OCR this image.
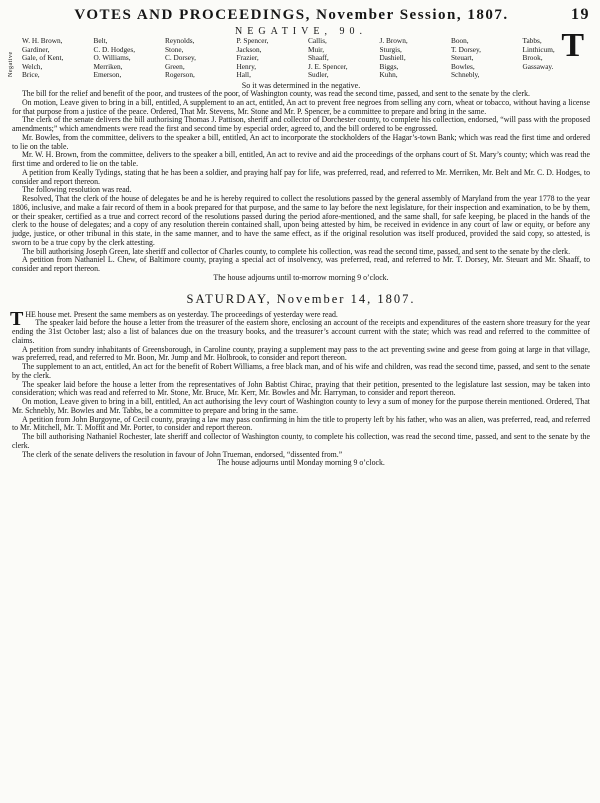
VOTES AND PROCEEDINGS, November Session, 1807.	19
NEGATIVE, 90.
Negative
W. H. Brown,
Gardiner,
Gale, of Kent,
Welch,
Brice,
Belt,
C. D. Hodges,
O. Williams,
Merriken,
Emerson,
Reynolds,
Stone,
C. Dorsey,
Green,
Rogerson,
P. Spencer,
Jackson,
Frazier,
Henry,
Hall,
Callis,
Muir,
Shaaff,
J. E. Spencer,
Sudler,
J. Brown,
Sturgis,
Dashiell,
Biggs,
Kuhn,
Boon,
T. Dorsey,
Steuart,
Bowles,
Schnebly,
Tabbs,
Linthicum,
Brook,
Gassaway.
T
So it was determined in the negative.

The bill for the relief and benefit of the poor, and trustees of the poor, of Washington county, was read the second time, passed, and sent to the senate by the clerk.

On motion, Leave given to bring in a bill, entitled, A supplement to an act, entitled, An act to prevent free negroes from selling any corn, wheat or tobacco, without having a license for that purpose from a justice of the peace. Ordered, That Mr. Stevens, Mr. Stone and Mr. P. Spencer, be a committee to prepare and bring in the same.

The clerk of the senate delivers the bill authorising Thomas J. Pattison, sheriff and collector of Dorchester county, to complete his collection, endorsed, “will pass with the proposed amendments;” which amendments were read the first and second time by especial order, agreed to, and the bill ordered to be engrossed.

Mr. Bowles, from the committee, delivers to the speaker a bill, entitled, An act to incorporate the stockholders of the Hagar’s-town Bank; which was read the first time and ordered to lie on the table.

Mr. W. H. Brown, from the committee, delivers to the speaker a bill, entitled, An act to revive and aid the proceedings of the orphans court of St. Mary’s county; which was read the first time and ordered to lie on the table.

A petition from Keally Tydings, stating that he has been a soldier, and praying half pay for life, was preferred, read, and referred to Mr. Merriken, Mr. Belt and Mr. C. D. Hodges, to consider and report thereon.

The following resolution was read.

Resolved, That the clerk of the house of delegates be and he is hereby required to collect the resolutions passed by the general assembly of Maryland from the year 1778 to the year 1806, inclusive, and make a fair record of them in a book prepared for that purpose, and the same to lay before the next legislature, for their inspection and examination, to be by them, or their speaker, certified as a true and correct record of the resolutions passed during the period afore-mentioned, and the same shall, for safe keeping, be placed in the hands of the clerk to the house of delegates; and a copy of any resolution therein contained shall, upon being attested by him, be received in evidence in any court of law or equity, or before any judge, justice, or other tribunal in this state, in the same manner, and to have the same effect, as if the original resolution was itself produced, provided the said copy, so attested, is sworn to be a true copy by the clerk attesting.

The bill authorising Joseph Green, late sheriff and collector of Charles county, to complete his collection, was read the second time, passed, and sent to the senate by the clerk.

A petition from Nathaniel L. Chew, of Baltimore county, praying a special act of insolvency, was preferred, read, and referred to Mr. T. Dorsey, Mr. Steuart and Mr. Shaaff, to consider and report thereon.

The house adjourns until to-morrow morning 9 o’clock.

SATURDAY, November 14, 1807.

THE house met. Present the same members as on yesterday. The proceedings of yesterday were read.

The speaker laid before the house a letter from the treasurer of the eastern shore, enclosing an account of the receipts and expenditures of the eastern shore treasury for the year ending the 31st October last; also a list of balances due on the treasury books, and the treasurer’s account current with the state; which was read and referred to the committee of claims.

A petition from sundry inhabitants of Greensborough, in Caroline county, praying a supplement may pass to the act preventing swine and geese from going at large in that village, was preferred, read, and referred to Mr. Boon, Mr. Jump and Mr. Holbrook, to consider and report thereon.

The supplement to an act, entitled, An act for the benefit of Robert Williams, a free black man, and of his wife and children, was read the second time, passed, and sent to the senate by the clerk.

The speaker laid before the house a letter from the representatives of John Babtist Chirac, praying that their petition, presented to the legislature last session, may be taken into consideration; which was read and referred to Mr. Stone, Mr. Bruce, Mr. Kerr, Mr. Bowles and Mr. Harryman, to consider and report thereon.

On motion, Leave given to bring in a bill, entitled, An act authorising the levy court of Washington county to levy a sum of money for the purpose therein mentioned. Ordered, That Mr. Schnebly, Mr. Bowles and Mr. Tabbs, be a committee to prepare and bring in the same.

A petition from John Burgoyne, of Cecil county, praying a law may pass confirming in him the title to property left by his father, who was an alien, was preferred, read, and referred to Mr. Mitchell, Mr. T. Moffit and Mr. Porter, to consider and report thereon.

The bill authorising Nathaniel Rochester, late sheriff and collector of Washington county, to complete his collection, was read the second time, passed, and sent to the senate by the clerk.

The clerk of the senate delivers the resolution in favour of John Trueman, endorsed, “dissented from.”

The house adjourns until Monday morning 9 o’clock.
